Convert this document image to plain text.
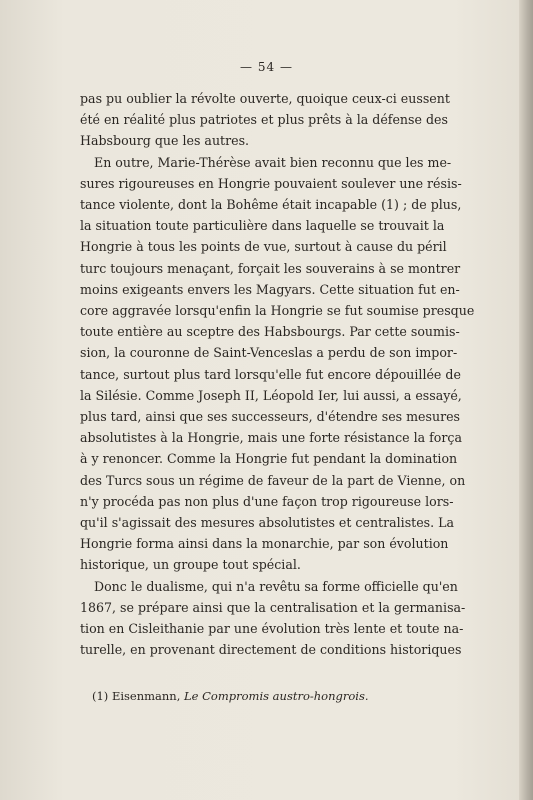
— 54 —
pas pu oublier la révolte ouverte, quoique ceux-ci eussent
été en réalité plus patriotes et plus prêts à la défense des
Habsbourg que les autres.
En outre, Marie-Thérèse avait bien reconnu que les me-
sures rigoureuses en Hongrie pouvaient soulever une résis-
tance violente, dont la Bohême était incapable (1) ; de plus,
la situation toute particulière dans laquelle se trouvait la
Hongrie à tous les points de vue, surtout à cause du péril
turc toujours menaçant, forçait les souverains à se montrer
moins exigeants envers les Magyars. Cette situation fut en-
core aggravée lorsqu'enfin la Hongrie se fut soumise presque
toute entière au sceptre des Habsbourgs. Par cette soumis-
sion, la couronne de Saint-Venceslas a perdu de son impor-
tance, surtout plus tard lorsqu'elle fut encore dépouillée de
la Silésie. Comme Joseph II, Léopold Ier, lui aussi, a essayé,
plus tard, ainsi que ses successeurs, d'étendre ses mesures
absolutistes à la Hongrie, mais une forte résistance la força
à y renoncer. Comme la Hongrie fut pendant la domination
des Turcs sous un régime de faveur de la part de Vienne, on
n'y procéda pas non plus d'une façon trop rigoureuse lors-
qu'il s'agissait des mesures absolutistes et centralistes. La
Hongrie forma ainsi dans la monarchie, par son évolution
historique, un groupe tout spécial.
Donc le dualisme, qui n'a revêtu sa forme officielle qu'en
1867, se prépare ainsi que la centralisation et la germanisa-
tion en Cisleithanie par une évolution très lente et toute na-
turelle, en provenant directement de conditions historiques
(1) Eisenmann, Le Compromis austro-hongrois.
